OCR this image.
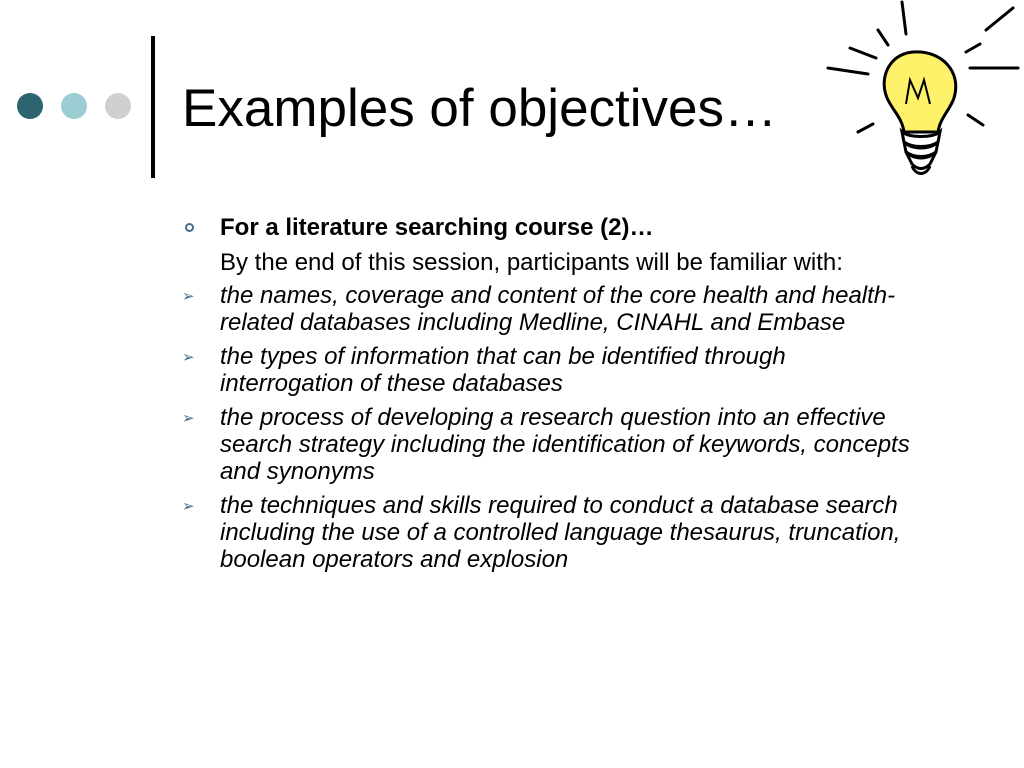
Examples of objectives…
For a literature searching course (2)…
By the end of this session, participants will be familiar with:
➢ the names, coverage and content of the core health and health-related databases including Medline, CINAHL and Embase
➢ the types of information that can be identified through interrogation of these databases
➢ the process of developing a research question into an effective search strategy including the identification of keywords, concepts and synonyms
➢ the techniques and skills required to conduct a database search including the use of a controlled language thesaurus, truncation, boolean operators and explosion
